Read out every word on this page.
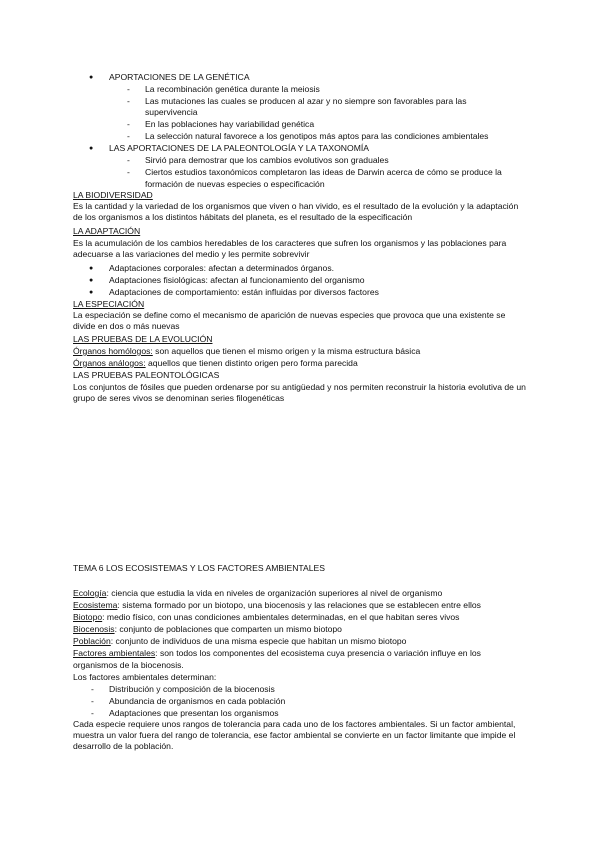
● APORTACIONES DE LA GENÉTICA
- La recombinación genética durante la meiosis
- Las mutaciones las cuales se producen al azar y no siempre son favorables para las
supervivencia
- En las poblaciones hay variabilidad genética
- La selección natural favorece a los genotipos más aptos para las condiciones ambientales
● LAS APORTACIONES DE LA PALEONTOLOGÍA Y LA TAXONOMÍA
- Sirvió para demostrar que los cambios evolutivos son graduales
- Ciertos estudios taxonómicos completaron las ideas de Darwin acerca de cómo se produce la
formación de nuevas especies o especificación
LA BIODIVERSIDAD
Es la cantidad y la variedad de los organismos que viven o han vivido, es el resultado de la evolución y la adaptación de los organismos a los distintos hábitats del planeta, es el resultado de la especificación
LA ADAPTACIÓN
Es la acumulación de los cambios heredables de los caracteres que sufren los organismos y las poblaciones para adecuarse a las variaciones del medio y les permite sobrevivir
● Adaptaciones corporales: afectan a determinados órganos.
● Adaptaciones fisiológicas: afectan al funcionamiento del organismo
● Adaptaciones de comportamiento: están influidas por diversos factores
LA ESPECIACIÓN
La especiación se define como el mecanismo de aparición de nuevas especies que provoca que una existente se divide en dos o más nuevas
LAS PRUEBAS DE LA EVOLUCIÓN
Órganos homólogos: son aquellos que tienen el mismo origen y la misma estructura básica
Órganos análogos: aquellos que tienen distinto origen pero forma parecida
LAS PRUEBAS PALEONTOLÓGICAS
Los conjuntos de fósiles que pueden ordenarse por su antigüedad y nos permiten reconstruir la historia evolutiva de un grupo de seres vivos se denominan series filogenéticas
TEMA 6 LOS ECOSISTEMAS Y LOS FACTORES AMBIENTALES
Ecología: ciencia que estudia la vida en niveles de organización superiores al nivel de organismo
Ecosistema: sistema formado por un biotopo, una biocenosis y las relaciones que se establecen entre ellos
Biotopo: medio físico, con unas condiciones ambientales determinadas, en el que habitan seres vivos
Biocenosis: conjunto de poblaciones que comparten un mismo biotopo
Población: conjunto de individuos de una misma especie que habitan un mismo biotopo
Factores ambientales: son todos los componentes del ecosistema cuya presencia o variación influye en los
organismos de la biocenosis.
Los factores ambientales determinan:
- Distribución y composición de la biocenosis
- Abundancia de organismos en cada población
- Adaptaciones que presentan los organismos
Cada especie requiere unos rangos de tolerancia para cada uno de los factores ambientales. Si un factor ambiental, muestra un valor fuera del rango de tolerancia, ese factor ambiental se convierte en un factor limitante que impide el desarrollo de la población.
